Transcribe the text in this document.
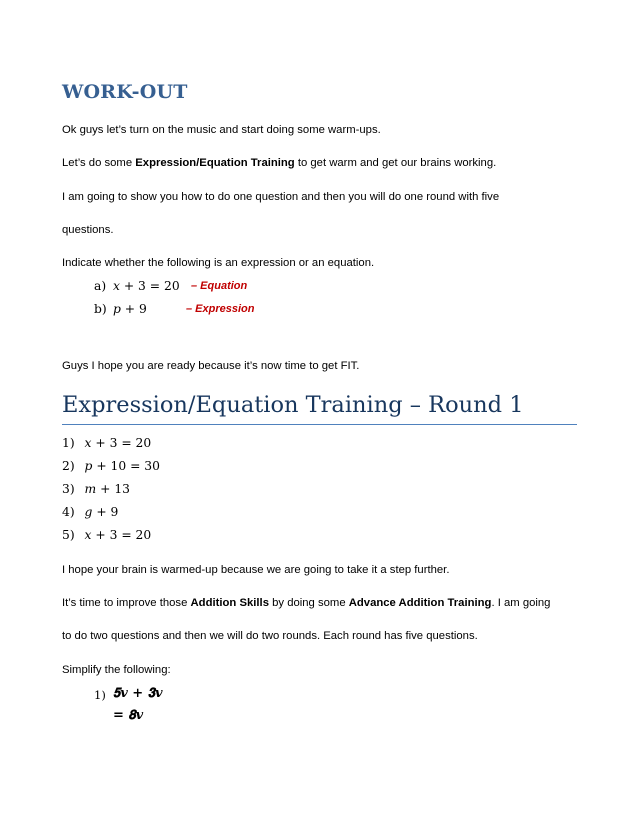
WORK-OUT
Ok guys let’s turn on the music and start doing some warm-ups.
Let’s do some Expression/Equation Training to get warm and get our brains working.
I am going to show you how to do one question and then you will do one round with five
questions.
Indicate whether the following is an expression or an equation.
a) 𝑥 + 3 = 20 – Equation
b) 𝑝 + 9	– Expression
Guys I hope you are ready because it’s now time to get FIT.
Expression/Equation Training – Round 1
1) 𝑥 + 3 = 20
2) 𝑝 + 10 = 30
3) 𝑚 + 13
4) 𝑔 + 9
5) 𝑥 + 3 = 20
I hope your brain is warmed-up because we are going to take it a step further.
It’s time to improve those Addition Skills by doing some Advance Addition Training. I am going
to do two questions and then we will do two rounds. Each round has five questions.
Simplify the following:
1) 𝟓𝒗 + 𝟑𝒗
= 𝟖𝒗
